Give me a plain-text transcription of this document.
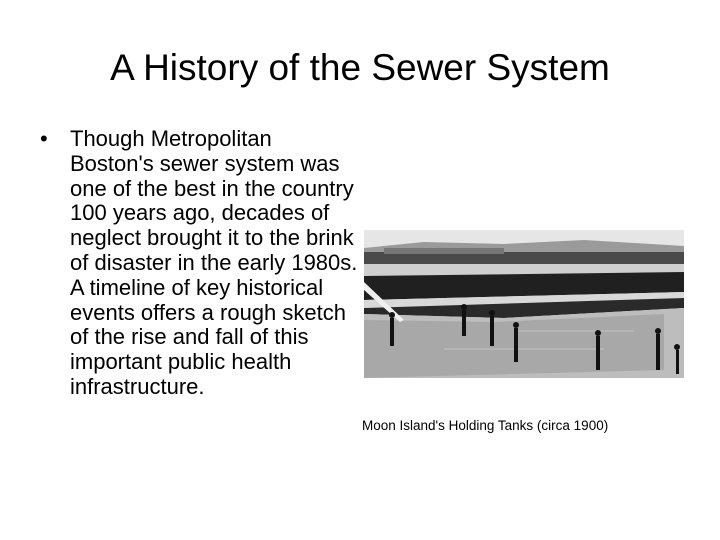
A History of the Sewer System
• Though Metropolitan Boston's sewer system was one of the best in the country 100 years ago, decades of neglect brought it to the brink of disaster in the early 1980s. A timeline of key historical events offers a rough sketch of the rise and fall of this important public health infrastructure.
Moon Island's Holding Tanks (circa 1900)
